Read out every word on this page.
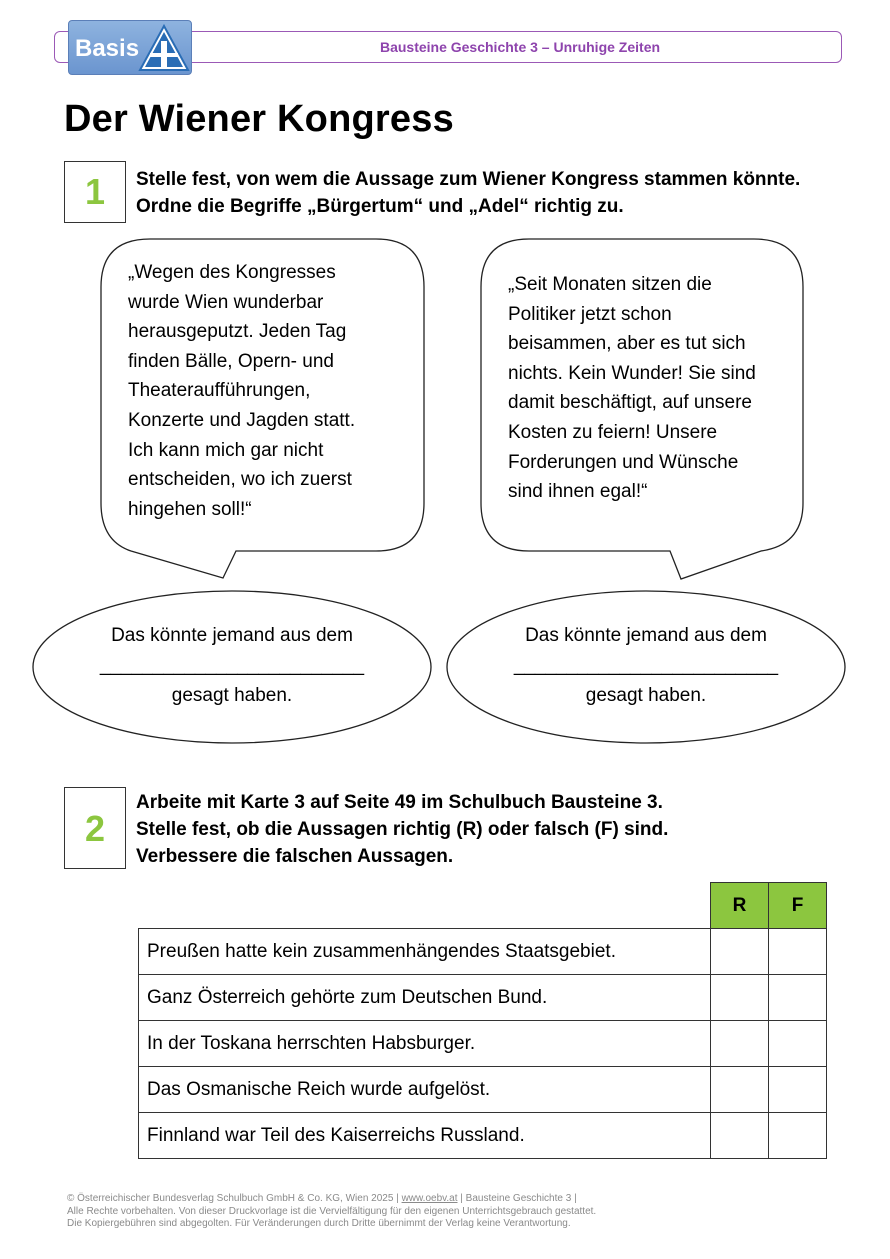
Bausteine Geschichte 3 – Unruhige Zeiten
Basis
Der Wiener Kongress
1	Stelle fest, von wem die Aussage zum Wiener Kongress stammen könnte.
Ordne die Begriffe „Bürgertum“ und „Adel“ richtig zu.
„Wegen des Kongresses
wurde Wien wunderbar
herausgeputzt. Jeden Tag
finden Bälle, Opern- und
Theateraufführungen,
Konzerte und Jagden statt.
Ich kann mich gar nicht
entscheiden, wo ich zuerst
hingehen soll!“
„Seit Monaten sitzen die
Politiker jetzt schon
beisammen, aber es tut sich
nichts. Kein Wunder! Sie sind
damit beschäftigt, auf unsere
Kosten zu feiern! Unsere
Forderungen und Wünsche
sind ihnen egal!“
Das könnte jemand aus dem
_________________________
gesagt haben.
Das könnte jemand aus dem
_________________________
gesagt haben.
2
Arbeite mit Karte 3 auf Seite 49 im Schulbuch Bausteine 3.
Stelle fest, ob die Aussagen richtig (R) oder falsch (F) sind.
Verbessere die falschen Aussagen.
	R	F
Preußen hatte kein zusammenhängendes Staatsgebiet.		
Ganz Österreich gehörte zum Deutschen Bund.		
In der Toskana herrschten Habsburger.		
Das Osmanische Reich wurde aufgelöst.		
Finnland war Teil des Kaiserreichs Russland.		
© Österreichischer Bundesverlag Schulbuch GmbH & Co. KG, Wien 2025 | www.oebv.at | Bausteine Geschichte 3 |
Alle Rechte vorbehalten. Von dieser Druckvorlage ist die Vervielfältigung für den eigenen Unterrichtsgebrauch gestattet.
Die Kopiergebühren sind abgegolten. Für Veränderungen durch Dritte übernimmt der Verlag keine Verantwortung.
